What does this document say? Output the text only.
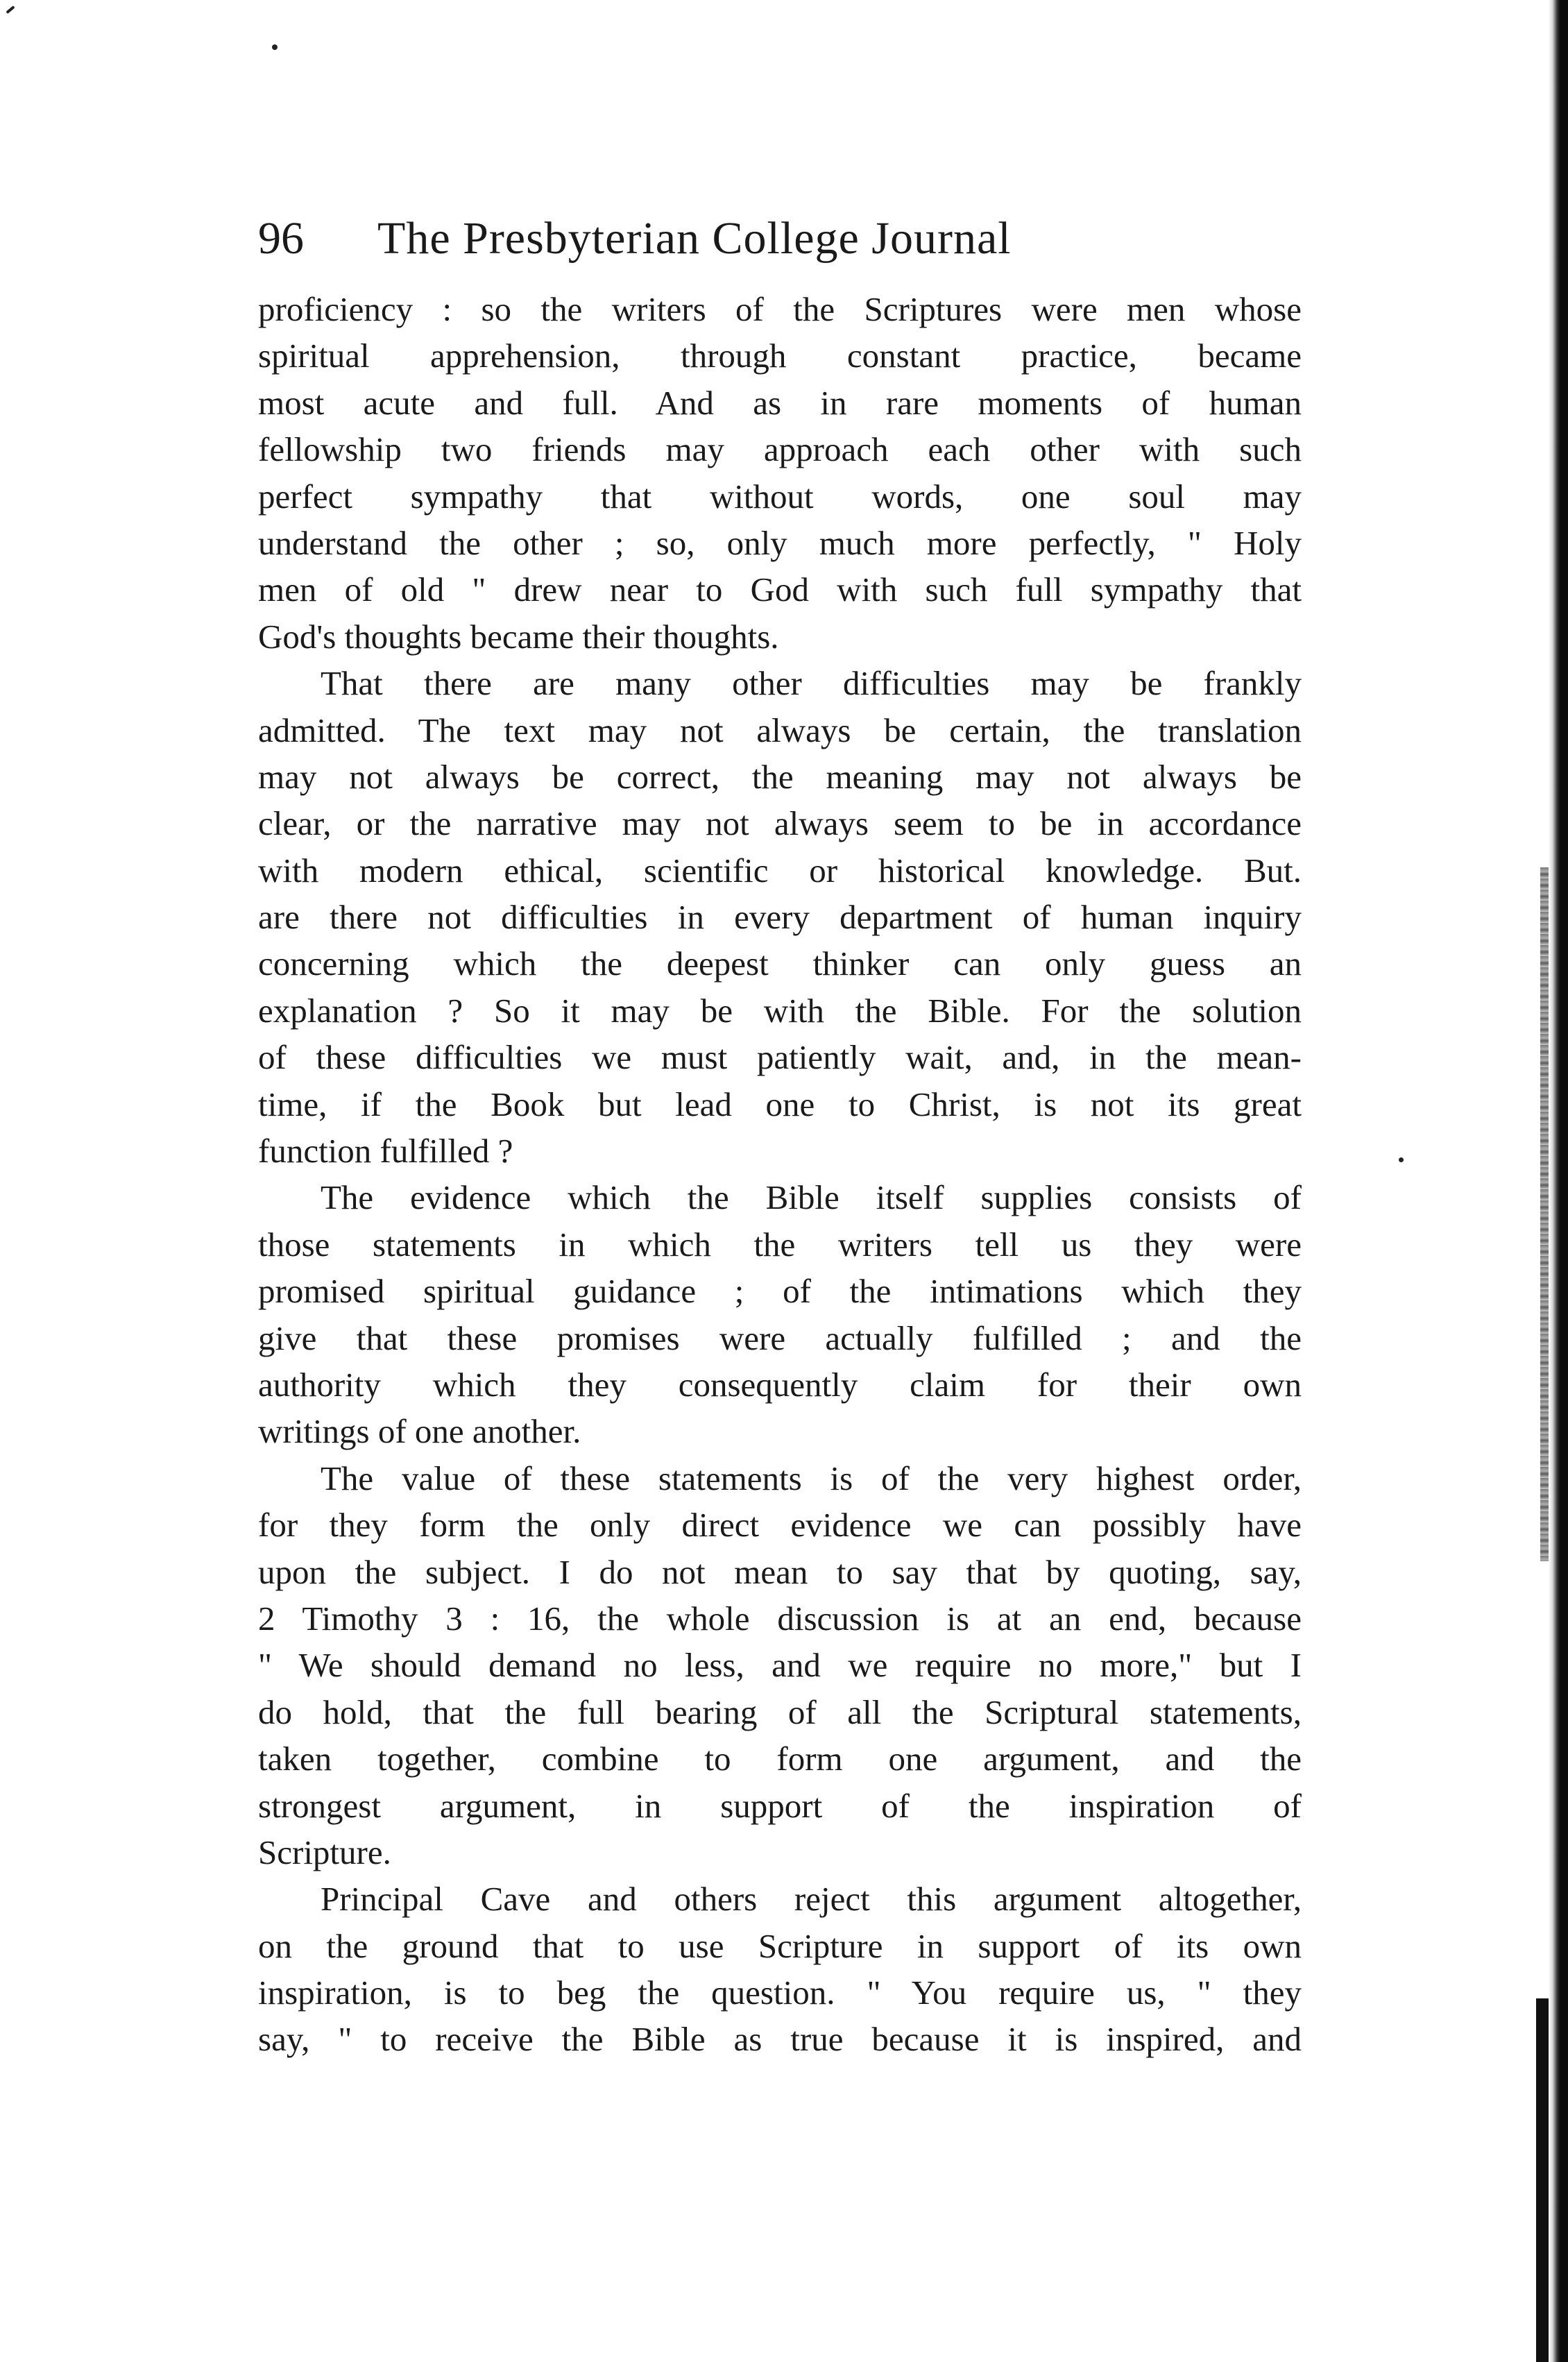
96 The Presbyterian College Journal
proficiency : so the writers of the Scriptures were men whose
spiritual apprehension, through constant practice, became
most acute and full. And as in rare moments of human
fellowship two friends may approach each other with such
perfect sympathy that without words, one soul may
understand the other ; so, only much more perfectly, " Holy
men of old " drew near to God with such full sympathy that
God's thoughts became their thoughts.
That there are many other difficulties may be frankly
admitted. The text may not always be certain, the translation
may not always be correct, the meaning may not always be
clear, or the narrative may not always seem to be in accordance
with modern ethical, scientific or historical knowledge. But.
are there not difficulties in every department of human inquiry
concerning which the deepest thinker can only guess an
explanation ? So it may be with the Bible. For the solution
of these difficulties we must patiently wait, and, in the mean-
time, if the Book but lead one to Christ, is not its great
function fulfilled ?
The evidence which the Bible itself supplies consists of
those statements in which the writers tell us they were
promised spiritual guidance ; of the intimations which they
give that these promises were actually fulfilled ; and the
authority which they consequently claim for their own
writings of one another.
The value of these statements is of the very highest order,
for they form the only direct evidence we can possibly have
upon the subject. I do not mean to say that by quoting, say,
2 Timothy 3 : 16, the whole discussion is at an end, because
" We should demand no less, and we require no more," but I
do hold, that the full bearing of all the Scriptural statements,
taken together, combine to form one argument, and the
strongest argument, in support of the inspiration of
Scripture.
Principal Cave and others reject this argument altogether,
on the ground that to use Scripture in support of its own
inspiration, is to beg the question. " You require us, " they
say, " to receive the Bible as true because it is inspired, and
